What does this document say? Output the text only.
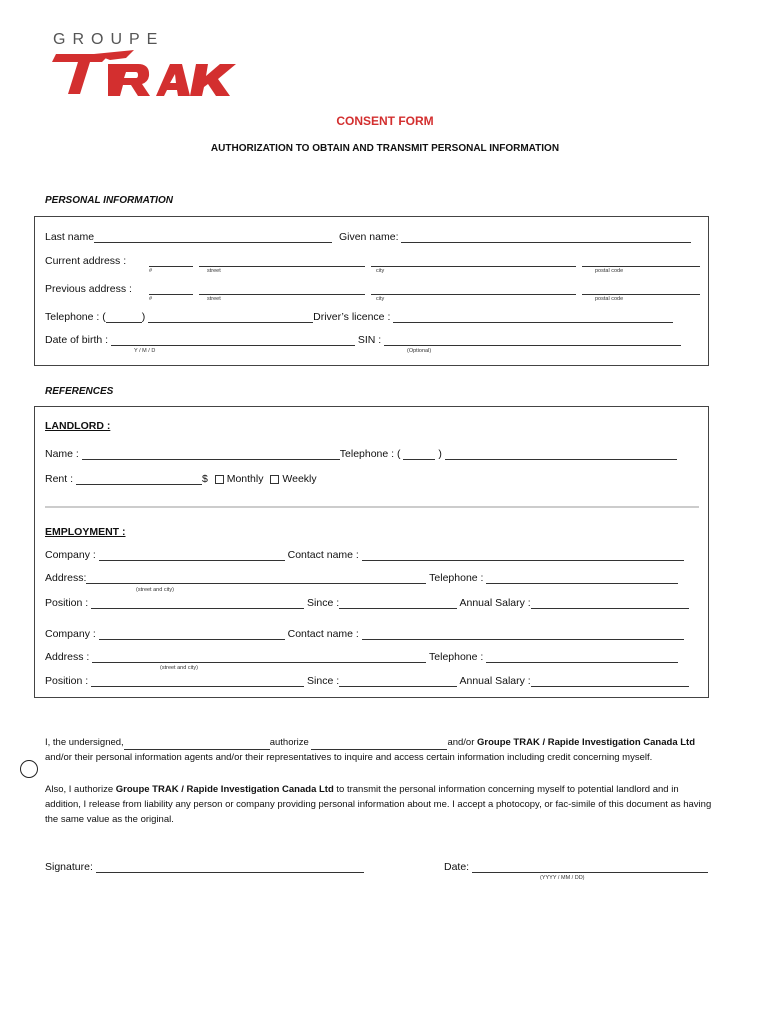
GROUPE
CONSENT FORM
AUTHORIZATION TO OBTAIN AND TRANSMIT PERSONAL INFORMATION
PERSONAL INFORMATION
Last name	Given name:
Current address :
#	street	city	postal code
Previous address :
#	street	city	postal code
Telephone : (	)	Driver’s licence :
Date of birth :	SIN :
Y / M / D	(Optional)
REFERENCES
LANDLORD :
Name :	Telephone : (	)
Rent :	$ Monthly Weekly
EMPLOYMENT :
Company :	Contact name :
Address:	Telephone :
(street and city)
Position :	Since :	Annual Salary :
Company :	Contact name :
Address :	Telephone :
(street and city)
Position :	Since :	Annual Salary :
I, the undersigned,	authorize	and/or Groupe TRAK / Rapide Investigation Canada Ltd and/or their personal information agents and/or their representatives to inquire and access certain information including credit concerning myself.
Also, I authorize Groupe TRAK / Rapide Investigation Canada Ltd to transmit the personal information concerning myself to potential landlord and in addition, I release from liability any person or company providing personal information about me. I accept a photocopy, or fac-simile of this document as having the same value as the original.
Signature:	Date:
(YYYY / MM / DD)
